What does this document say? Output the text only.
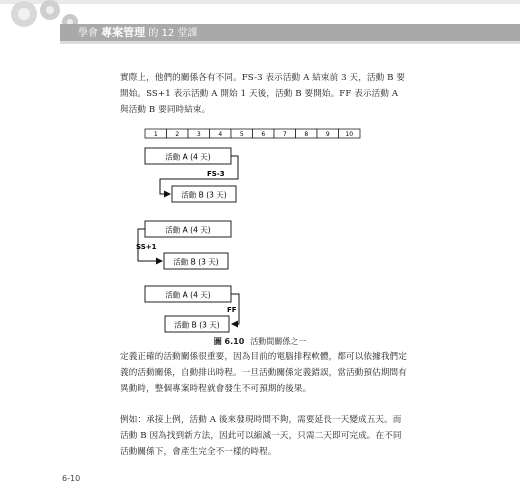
學會 專案管理 的 12 堂課

實際上，他們的關係各有不同。FS-3 表示活動 A 結束前 3 天，活動 B 要開始。SS+1 表示活動 A 開始 1 天後，活動 B 要開始。FF 表示活動 A 與活動 B 要同時結束。

1	2	3	4	5	6	7	8	9	10
活動 A (4 天)
FS-3
活動 B (3 天)
活動 A (4 天)
SS+1
活動 B (3 天)
活動 A (4 天)
FF
活動 B (3 天)
圖 6.10 活動間關係之一

定義正確的活動關係很重要，因為目前的電腦排程軟體，都可以依據我們定義的活動關係，自動排出時程。一旦活動關係定義錯誤，當活動預估期間有異動時，整個專案時程就會發生不可預期的後果。

例如：承接上例，活動 A 後來發現時間不夠，需要延長一天變成五天。而活動 B 因為找到新方法，因此可以縮減一天，只需二天即可完成。在不同活動關係下，會產生完全不一樣的時程。

6-10
